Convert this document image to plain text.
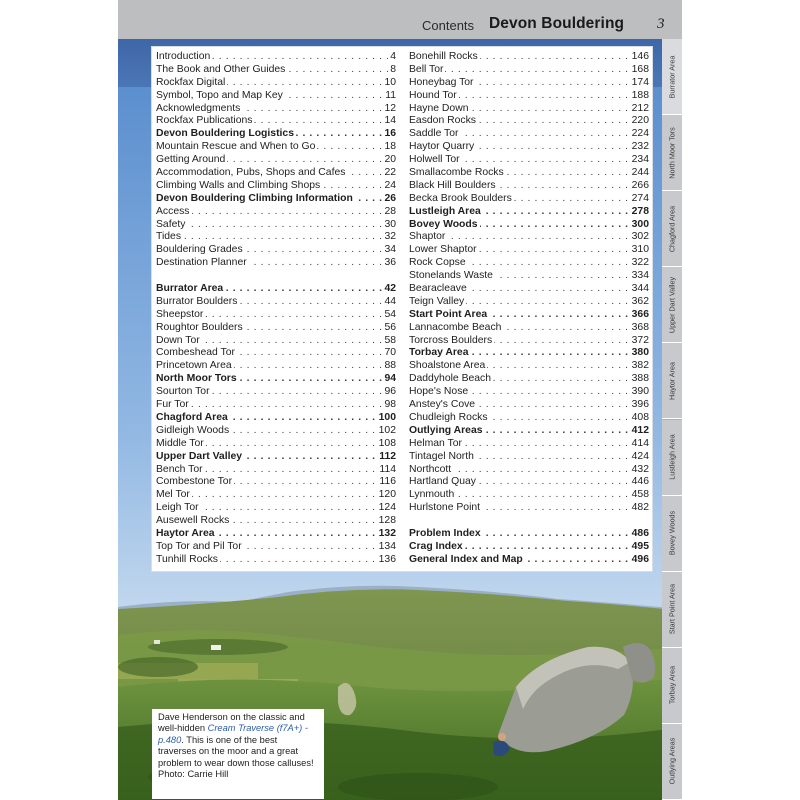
Contents Devon Bouldering 3
Introduction	4
. . .
The Book and Other Guides	8
. . .
Rockfax Digital	10
. . .
Symbol, Topo and Map Key	11
. . .
Acknowledgments	12
. . .
Rockfax Publications	14
. . .
Devon Bouldering Logistics	16
. . .
Mountain Rescue and When to Go	18
. . .
Getting Around	20
. . .
Accommodation, Pubs, Shops and Cafes	22
. . .
Climbing Walls and Climbing Shops	24
. . .
Devon Bouldering Climbing Information	26
. . .
Access	28
. . .
Safety	30
. . .
Tides	32
. . .
Bouldering Grades	34
. . .
Destination Planner	36
. . .
Burrator Area	42
. . .
Burrator Boulders	44
. . .
Sheepstor	54
. . .
Roughtor Boulders	56
. . .
Down Tor	58
. . .
Combeshead Tor	70
. . .
Princetown Area	88
. . .
North Moor Tors	94
. . .
Sourton Tor	96
. . .
Fur Tor	98
. . .
Chagford Area	100
. . .
Gidleigh Woods	102
. . .
Middle Tor	108
. . .
Upper Dart Valley	112
. . .
Bench Tor	114
. . .
Combestone Tor	116
. . .
Mel Tor	120
. . .
Leigh Tor	124
. . .
Ausewell Rocks	128
. . .
Haytor Area	132
. . .
Top Tor and Pil Tor	134
. . .
Tunhill Rocks	136
. . .
Bonehill Rocks	146
. . .
Bell Tor	168
. . .
Honeybag Tor	174
. . .
Hound Tor	188
. . .
Hayne Down	212
. . .
Easdon Rocks	220
. . .
Saddle Tor	224
. . .
Haytor Quarry	232
. . .
Holwell Tor	234
. . .
Smallacombe Rocks	244
. . .
Black Hill Boulders	266
. . .
Becka Brook Boulders	274
. . .
Lustleigh Area	278
. . .
Bovey Woods	300
. . .
Shaptor	302
. . .
Lower Shaptor	310
. . .
Rock Copse	322
. . .
Stonelands Waste	334
. . .
Bearacleave	344
. . .
Teign Valley	362
. . .
Start Point Area	366
. . .
Lannacombe Beach	368
. . .
Torcross Boulders	372
. . .
Torbay Area	380
. . .
Shoalstone Area	382
. . .
Daddyhole Beach	388
. . .
Hope's Nose	390
. . .
Anstey's Cove	396
. . .
Chudleigh Rocks	408
. . .
Outlying Areas	412
. . .
Helman Tor	414
. . .
Tintagel North	424
. . .
Northcott	432
. . .
Hartland Quay	446
. . .
Lynmouth	458
. . .
Hurlstone Point	482
. . .
Problem Index	486
. . .
Crag Index	495
. . .
General Index and Map	496
. . .
Burrator Area
North Moor Tors
Chagford Area
Upper Dart Valley
Haytor Area
Lustleigh Area
Bovey Woods
Start Point Area
Torbay Area
Outlying Areas
Dave Henderson on the classic and well-hidden Cream Traverse (f7A+) - p.480. This is one of the best traverses on the moor and a great problem to wear down those calluses! Photo: Carrie Hill
